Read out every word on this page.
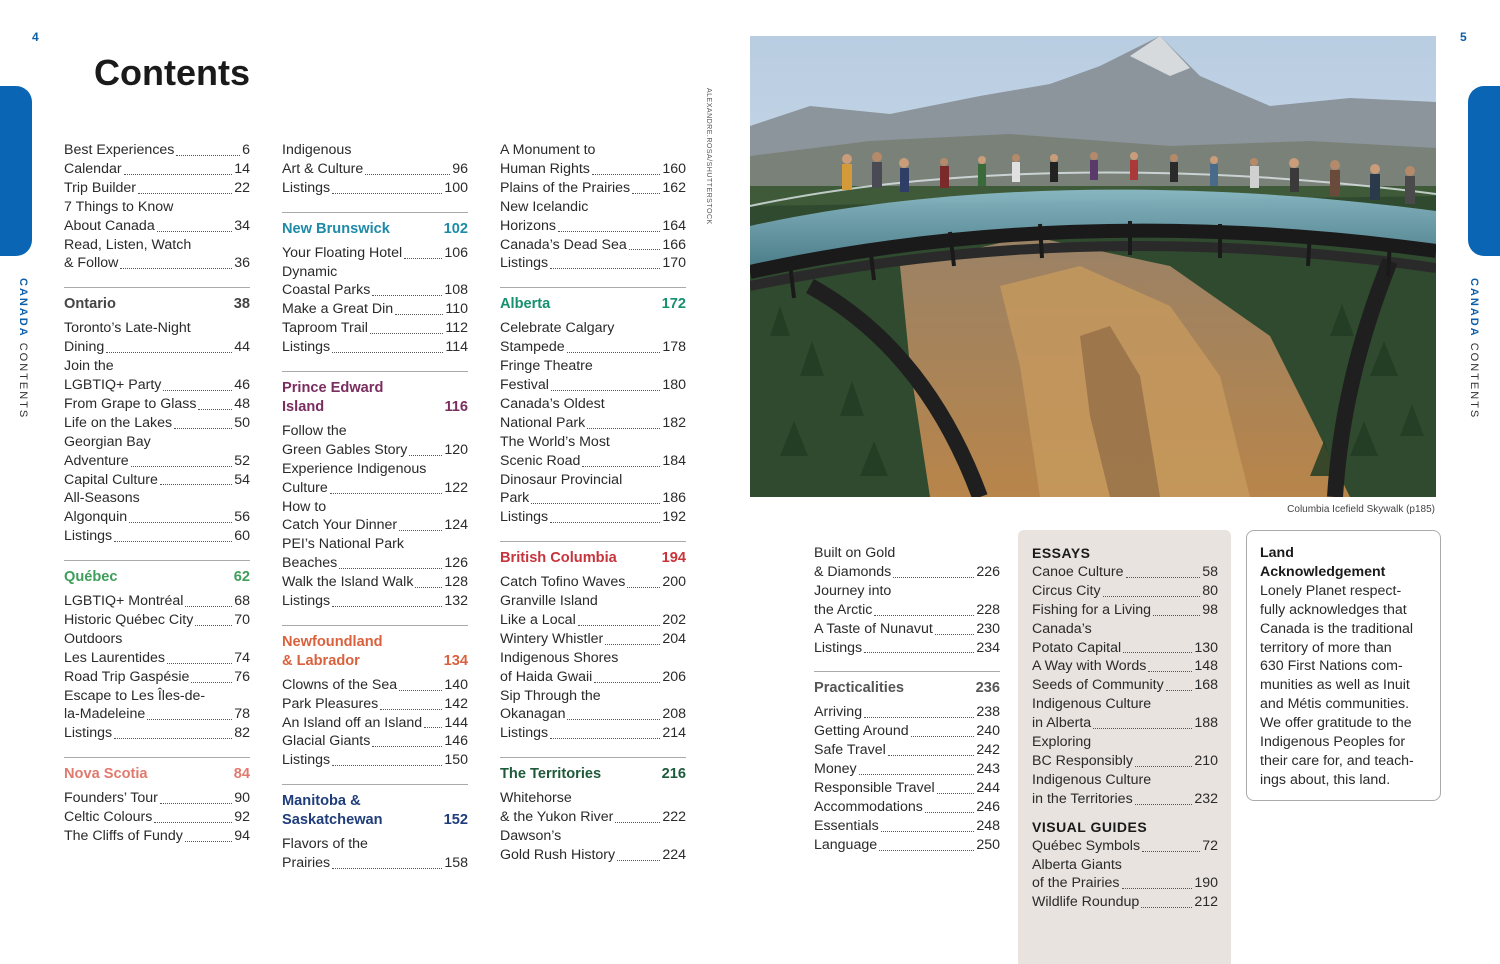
4	5
CANADA CONTENTS
CANADA CONTENTS
Contents
Best Experiences	6
Calendar	14
Trip Builder	22
7 Things to Know
About Canada	34
Read, Listen, Watch
& Follow	36
Ontario	38
Toronto’s Late-Night
Dining	44
Join the
LGBTIQ+ Party	46
From Grape to Glass	48
Life on the Lakes	50
Georgian Bay
Adventure	52
Capital Culture	54
All-Seasons
Algonquin	56
Listings	60
Québec	62
LGBTIQ+ Montréal	68
Historic Québec City	70
Outdoors
Les Laurentides	74
Road Trip Gaspésie	76
Escape to Les Îles-de-
la-Madeleine	78
Listings	82
Nova Scotia	84
Founders’ Tour	90
Celtic Colours	92
The Cliffs of Fundy	94
Indigenous
Art & Culture	96
Listings	100
New Brunswick	102
Your Floating Hotel	106
Dynamic
Coastal Parks	108
Make a Great Din	110
Taproom Trail	112
Listings	114
Prince Edward
Island	116
Follow the
Green Gables Story	120
Experience Indigenous
Culture	122
How to
Catch Your Dinner	124
PEI’s National Park
Beaches	126
Walk the Island Walk 128
Listings	132
Newfoundland
& Labrador	134
Clowns of the Sea	140
Park Pleasures	142
An Island off an Island 144
Glacial Giants	146
Listings	150
Manitoba &
Saskatchewan	152
Flavors of the
Prairies	158
A Monument to
Human Rights	160
Plains of the Prairies 162
New Icelandic
Horizons	164
Canada’s Dead Sea	166
Listings	170
Alberta	172
Celebrate Calgary
Stampede	178
Fringe Theatre
Festival	180
Canada’s Oldest
National Park	182
The World’s Most
Scenic Road	184
Dinosaur Provincial
Park	186
Listings	192
British Columbia	194
Catch Tofino Waves	200
Granville Island
Like a Local	202
Wintery Whistler	204
Indigenous Shores
of Haida Gwaii	206
Sip Through the
Okanagan	208
Listings	214
The Territories	216
Whitehorse
& the Yukon River	222
Dawson’s
Gold Rush History	224
ALEXANDRE.ROSA/SHUTTERSTOCK
Columbia Icefield Skywalk (p185)
Built on Gold
& Diamonds	226
Journey into
the Arctic	228
A Taste of Nunavut	230
Listings	234
Practicalities	236
Arriving	238
Getting Around	240
Safe Travel	242
Money	243
Responsible Travel	244
Accommodations	246
Essentials	248
Language	250
ESSAYS
Canoe Culture	58
Circus City	80
Fishing for a Living	98
Canada’s
Potato Capital	130
A Way with Words	148
Seeds of Community 168
Indigenous Culture
in Alberta	188
Exploring
BC Responsibly	210
Indigenous Culture
in the Territories	232
VISUAL GUIDES
Québec Symbols	72
Alberta Giants
of the Prairies	190
Wildlife Roundup	212
Land
Acknowledgement
Lonely Planet respect-
fully acknowledges that
Canada is the traditional
territory of more than
630 First Nations com-
munities as well as Inuit
and Métis communities.
We offer gratitude to the
Indigenous Peoples for
their care for, and teach-
ings about, this land.
